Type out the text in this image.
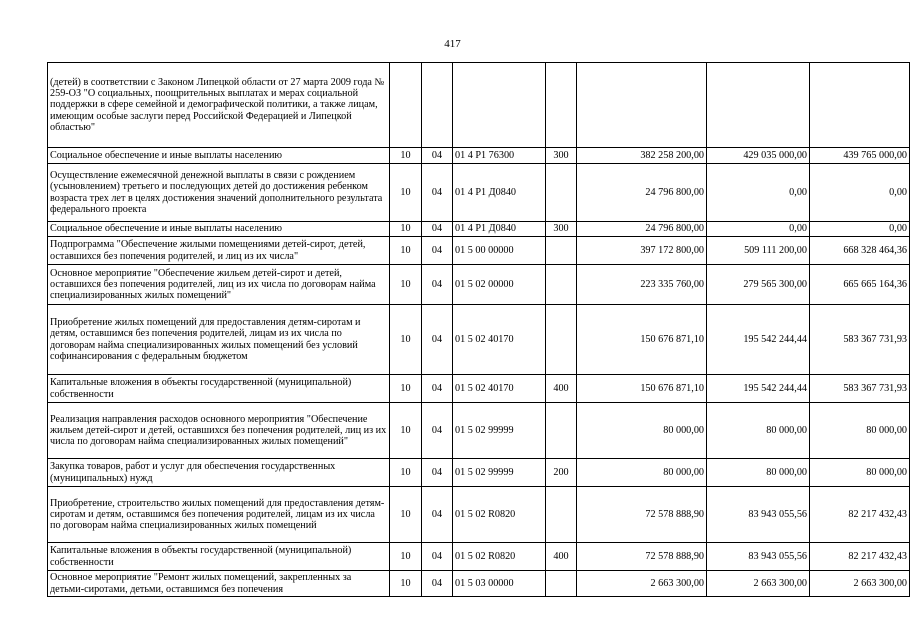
417
(детей) в соответствии с Законом Липецкой области от 27 марта 2009 года № 259-ОЗ "О социальных, поощрительных выплатах и мерах социальной поддержки в сфере семейной и демографической политики, а также лицам, имеющим особые заслуги перед Российской Федерацией и Липецкой областью"							
Социальное обеспечение и иные выплаты населению	10	04	01 4 P1 76300	300	382 258 200,00	429 035 000,00	439 765 000,00
Осуществление ежемесячной денежной выплаты в связи с рождением (усыновлением) третьего и последующих детей до достижения ребенком возраста трех лет в целях достижения значений дополнительного результата федерального проекта	10	04	01 4 P1 Д0840		24 796 800,00	0,00	0,00
Социальное обеспечение и иные выплаты населению	10	04	01 4 P1 Д0840	300	24 796 800,00	0,00	0,00
Подпрограмма "Обеспечение жилыми помещениями детей-сирот, детей, оставшихся без попечения родителей, и лиц из их числа"	10	04	01 5 00 00000		397 172 800,00	509 111 200,00	668 328 464,36
Основное мероприятие "Обеспечение жильем детей-сирот и детей, оставшихся без попечения родителей, лиц из их числа по договорам найма специализированных жилых помещений"	10	04	01 5 02 00000		223 335 760,00	279 565 300,00	665 665 164,36
Приобретение жилых помещений для предоставления детям-сиротам и детям, оставшимся без попечения родителей, лицам из их числа по договорам найма специализированных жилых помещений без условий софинансирования с федеральным бюджетом	10	04	01 5 02 40170		150 676 871,10	195 542 244,44	583 367 731,93
Капитальные вложения в объекты государственной (муниципальной) собственности	10	04	01 5 02 40170	400	150 676 871,10	195 542 244,44	583 367 731,93
Реализация направления расходов основного мероприятия "Обеспечение жильем детей-сирот и детей, оставшихся без попечения родителей, лиц из их числа по договорам найма специализированных жилых помещений"	10	04	01 5 02 99999		80 000,00	80 000,00	80 000,00
Закупка товаров, работ и услуг для обеспечения государственных (муниципальных) нужд	10	04	01 5 02 99999	200	80 000,00	80 000,00	80 000,00
Приобретение, строительство жилых помещений для предоставления детям-сиротам и детям, оставшимся без попечения родителей, лицам из их числа по договорам найма специализированных жилых помещений	10	04	01 5 02 R0820		72 578 888,90	83 943 055,56	82 217 432,43
Капитальные вложения в объекты государственной (муниципальной) собственности	10	04	01 5 02 R0820	400	72 578 888,90	83 943 055,56	82 217 432,43
Основное мероприятие "Ремонт жилых помещений, закрепленных за детьми-сиротами, детьми, оставшимся без попечения	10	04	01 5 03 00000		2 663 300,00	2 663 300,00	2 663 300,00
